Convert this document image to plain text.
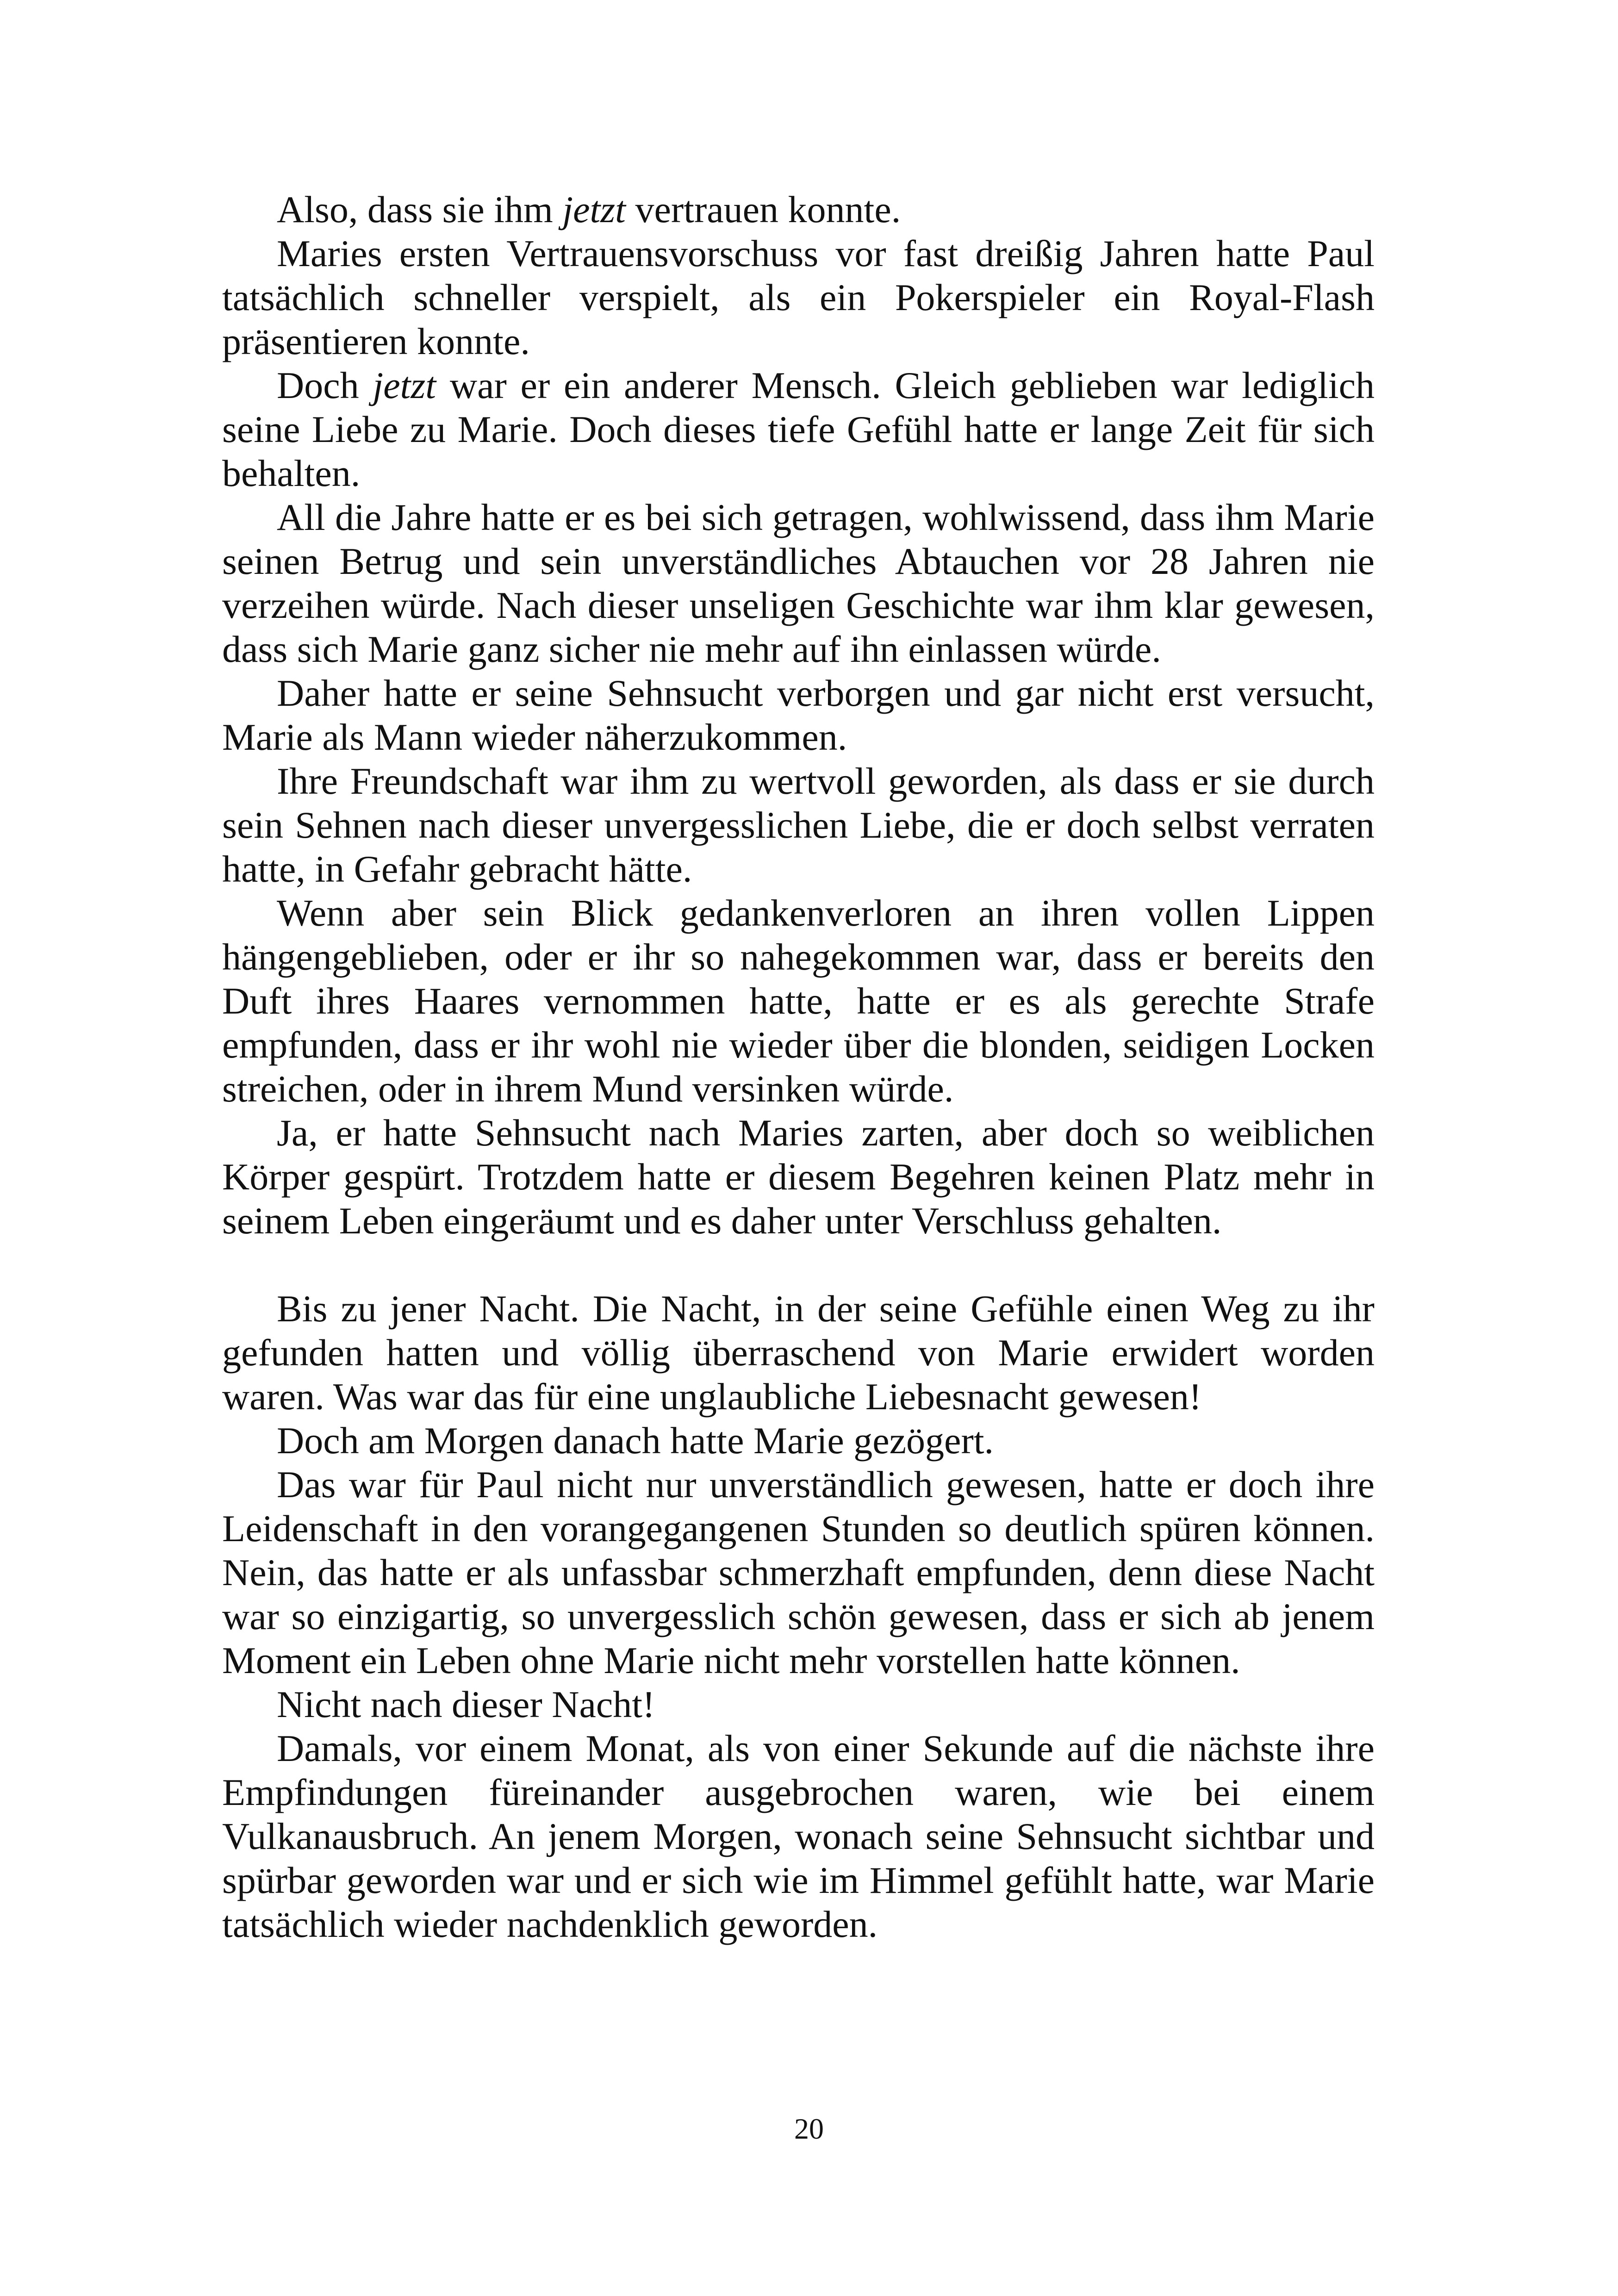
Also, dass sie ihm jetzt vertrauen konnte.

Maries ersten Vertrauensvorschuss vor fast dreißig Jahren hatte Paul tatsächlich schneller verspielt, als ein Pokerspieler ein Royal-Flash präsentieren konnte.

Doch jetzt war er ein anderer Mensch. Gleich geblieben war lediglich seine Liebe zu Marie. Doch dieses tiefe Gefühl hatte er lange Zeit für sich behalten.

All die Jahre hatte er es bei sich getragen, wohlwissend, dass ihm Marie seinen Betrug und sein unverständliches Abtauchen vor 28 Jahren nie verzeihen würde. Nach dieser unseligen Geschichte war ihm klar gewesen, dass sich Marie ganz sicher nie mehr auf ihn einlassen würde.

Daher hatte er seine Sehnsucht verborgen und gar nicht erst versucht, Marie als Mann wieder näherzukommen.

Ihre Freundschaft war ihm zu wertvoll geworden, als dass er sie durch sein Sehnen nach dieser unvergesslichen Liebe, die er doch selbst verraten hatte, in Gefahr gebracht hätte.

Wenn aber sein Blick gedankenverloren an ihren vollen Lippen hängengeblieben, oder er ihr so nahegekommen war, dass er bereits den Duft ihres Haares vernommen hatte, hatte er es als gerechte Strafe empfunden, dass er ihr wohl nie wieder über die blonden, seidigen Locken streichen, oder in ihrem Mund versinken würde.

Ja, er hatte Sehnsucht nach Maries zarten, aber doch so weiblichen Körper gespürt. Trotzdem hatte er diesem Begehren keinen Platz mehr in seinem Leben eingeräumt und es daher unter Verschluss gehalten.

Bis zu jener Nacht. Die Nacht, in der seine Gefühle einen Weg zu ihr gefunden hatten und völlig überraschend von Marie erwidert worden waren. Was war das für eine unglaubliche Liebesnacht gewesen!

Doch am Morgen danach hatte Marie gezögert.

Das war für Paul nicht nur unverständlich gewesen, hatte er doch ihre Leidenschaft in den vorangegangenen Stunden so deutlich spüren können. Nein, das hatte er als unfassbar schmerzhaft empfunden, denn diese Nacht war so einzigartig, so unvergesslich schön gewesen, dass er sich ab jenem Moment ein Leben ohne Marie nicht mehr vorstellen hatte können.

Nicht nach dieser Nacht!

Damals, vor einem Monat, als von einer Sekunde auf die nächste ihre Empfindungen füreinander ausgebrochen waren, wie bei einem Vulkanausbruch. An jenem Morgen, wonach seine Sehnsucht sichtbar und spürbar geworden war und er sich wie im Himmel gefühlt hatte, war Marie tatsächlich wieder nachdenklich geworden.

20
